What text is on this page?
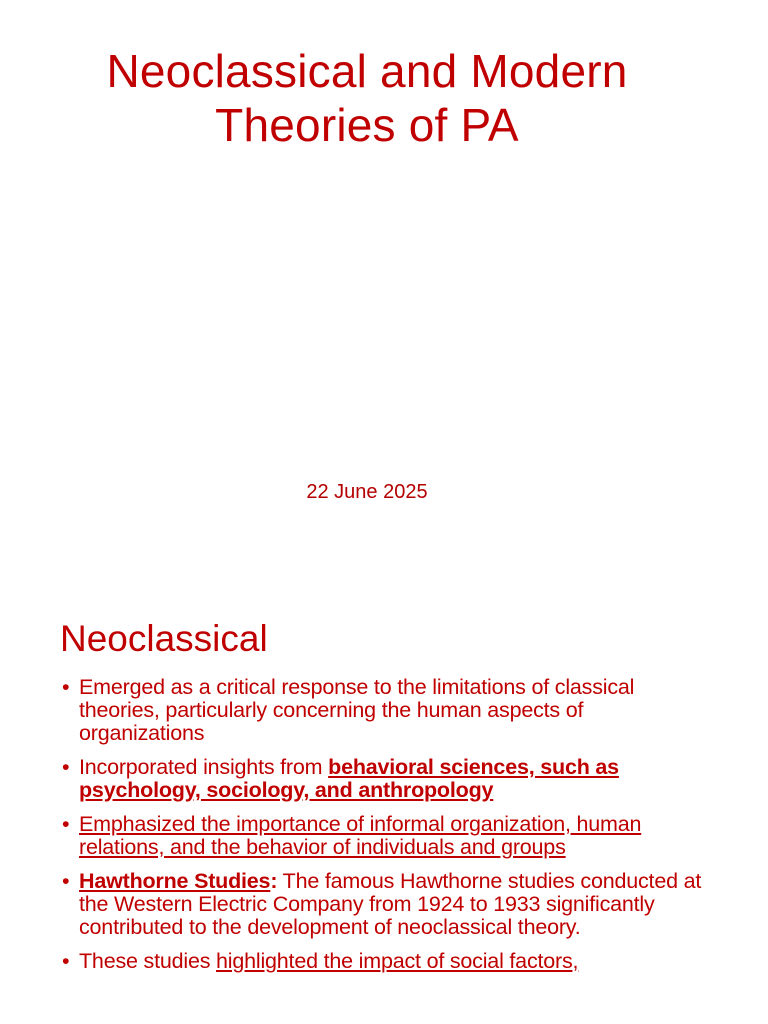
Neoclassical and Modern
Theories of PA
22 June 2025
Neoclassical
• Emerged as a critical response to the limitations of classical theories, particularly concerning the human aspects of organizations
• Incorporated insights from behavioral sciences, such as psychology, sociology, and anthropology
• Emphasized the importance of informal organization, human relations, and the behavior of individuals and groups
• Hawthorne Studies: The famous Hawthorne studies conducted at the Western Electric Company from 1924 to 1933 significantly contributed to the development of neoclassical theory.
• These studies highlighted the impact of social factors,
